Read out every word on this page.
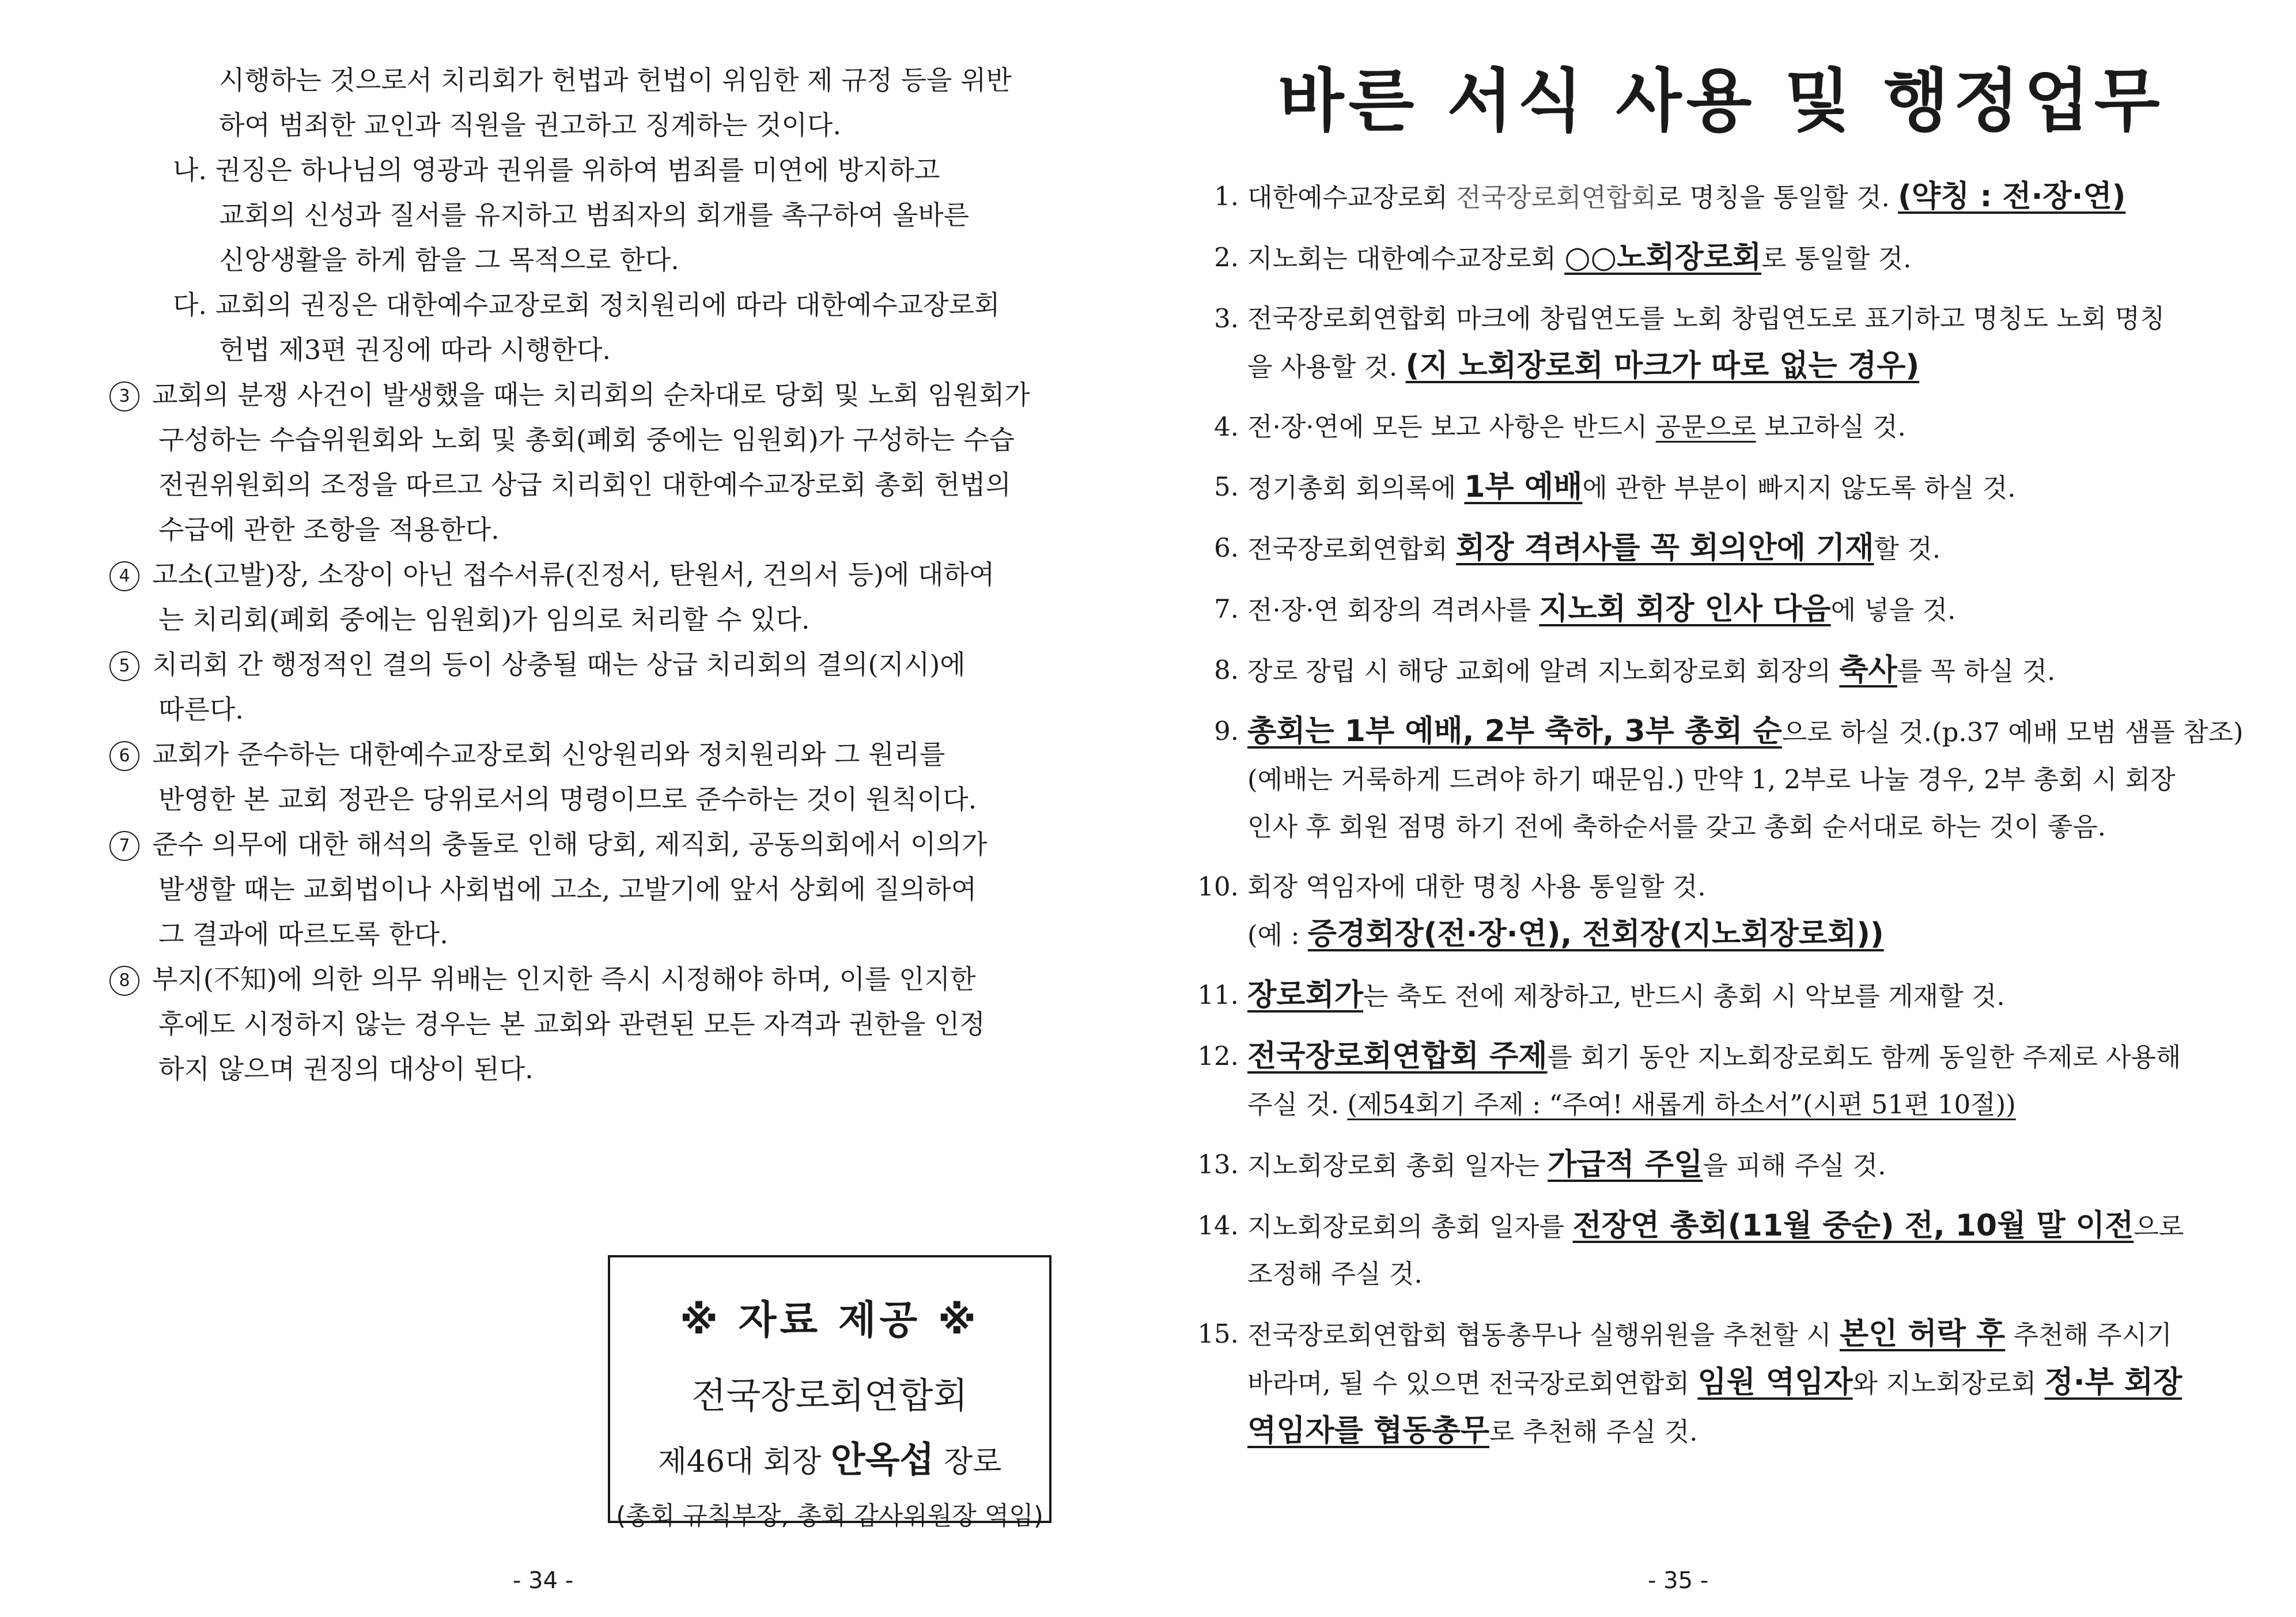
시행하는 것으로서 치리회가 헌법과 헌법이 위임한 제 규정 등을 위반
하여 범죄한 교인과 직원을 권고하고 징계하는 것이다.
나. 권징은 하나님의 영광과 권위를 위하여 범죄를 미연에 방지하고
교회의 신성과 질서를 유지하고 범죄자의 회개를 촉구하여 올바른
신앙생활을 하게 함을 그 목적으로 한다.
다. 교회의 권징은 대한예수교장로회 정치원리에 따라 대한예수교장로회
헌법 제3편 권징에 따라 시행한다.
3 교회의 분쟁 사건이 발생했을 때는 치리회의 순차대로 당회 및 노회 임원회가
구성하는 수습위원회와 노회 및 총회(폐회 중에는 임원회)가 구성하는 수습
전권위원회의 조정을 따르고 상급 치리회인 대한예수교장로회 총회 헌법의
수급에 관한 조항을 적용한다.
4 고소(고발)장, 소장이 아닌 접수서류(진정서, 탄원서, 건의서 등)에 대하여
는 치리회(폐회 중에는 임원회)가 임의로 처리할 수 있다.
5 치리회 간 행정적인 결의 등이 상충될 때는 상급 치리회의 결의(지시)에
따른다.
6 교회가 준수하는 대한예수교장로회 신앙원리와 정치원리와 그 원리를
반영한 본 교회 정관은 당위로서의 명령이므로 준수하는 것이 원칙이다.
7 준수 의무에 대한 해석의 충돌로 인해 당회, 제직회, 공동의회에서 이의가
발생할 때는 교회법이나 사회법에 고소, 고발기에 앞서 상회에 질의하여
그 결과에 따르도록 한다.
8 부지(不知)에 의한 의무 위배는 인지한 즉시 시정해야 하며, 이를 인지한
후에도 시정하지 않는 경우는 본 교회와 관련된 모든 자격과 권한을 인정
하지 않으며 권징의 대상이 된다.
※ 자료 제공 ※
전국장로회연합회
제46대 회장 안옥섭 장로
(총회 규칙부장, 총회 감사위원장 역임)
- 34 -
바른 서식 사용 및 행정업무
1. 대한예수교장로회 전국장로회연합회로 명칭을 통일할 것. (약칭 : 전·장·연)
2. 지노회는 대한예수교장로회 ○○노회장로회로 통일할 것.
3. 전국장로회연합회 마크에 창립연도를 노회 창립연도로 표기하고 명칭도 노회 명칭
을 사용할 것. (지 노회장로회 마크가 따로 없는 경우)
4. 전·장·연에 모든 보고 사항은 반드시 공문으로 보고하실 것.
5. 정기총회 회의록에 1부 예배에 관한 부분이 빠지지 않도록 하실 것.
6. 전국장로회연합회 회장 격려사를 꼭 회의안에 기재할 것.
7. 전·장·연 회장의 격려사를 지노회 회장 인사 다음에 넣을 것.
8. 장로 장립 시 해당 교회에 알려 지노회장로회 회장의 축사를 꼭 하실 것.
9. 총회는 1부 예배, 2부 축하, 3부 총회 순으로 하실 것.(p.37 예배 모범 샘플 참조)
(예배는 거룩하게 드려야 하기 때문임.) 만약 1, 2부로 나눌 경우, 2부 총회 시 회장
인사 후 회원 점명 하기 전에 축하순서를 갖고 총회 순서대로 하는 것이 좋음.
10. 회장 역임자에 대한 명칭 사용 통일할 것.
(예 : 증경회장(전·장·연), 전회장(지노회장로회))
11. 장로회가는 축도 전에 제창하고, 반드시 총회 시 악보를 게재할 것.
12. 전국장로회연합회 주제를 회기 동안 지노회장로회도 함께 동일한 주제로 사용해
주실 것. (제54회기 주제 : “주여! 새롭게 하소서”(시편 51편 10절))
13. 지노회장로회 총회 일자는 가급적 주일을 피해 주실 것.
14. 지노회장로회의 총회 일자를 전장연 총회(11월 중순) 전, 10월 말 이전으로
조정해 주실 것.
15. 전국장로회연합회 협동총무나 실행위원을 추천할 시 본인 허락 후 추천해 주시기
바라며, 될 수 있으면 전국장로회연합회 임원 역임자와 지노회장로회 정·부 회장
역임자를 협동총무로 추천해 주실 것.
- 35 -
